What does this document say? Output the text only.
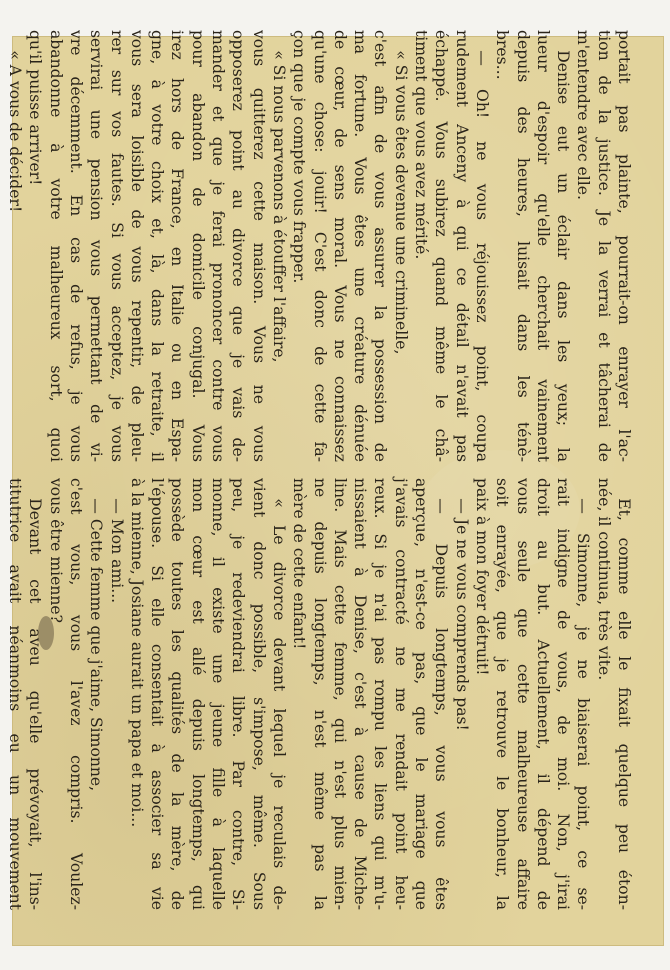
portait pas plainte, pourrait-on enrayer l'ac-

tion de la justice. Je la verrai et tâcherai de

m'entendre avec elle.

Denise eut un éclair dans les yeux; la

lueur d'espoir qu'elle cherchait vainement

depuis des heures, luisait dans les ténè-

bres...

— Oh! ne vous réjouissez point, coupa

rudement Anceny à qui ce détail n'avait pas

échappé. Vous subirez quand même le châ-

timent que vous avez mérité.

« Si vous êtes devenue une criminelle,

c'est afin de vous assurer la possession de

ma fortune. Vous êtes une créature dénuée

de cœur, de sens moral. Vous ne connaissez

qu'une chose: jouir! C'est donc de cette fa-

çon que je compte vous frapper.

« Si nous parvenons à étouffer l'affaire,

vous quitterez cette maison. Vous ne vous

opposerez point au divorce que je vais de-

mander et que je ferai prononcer contre vous

pour abandon de domicile conjugal. Vous

irez hors de France, en Italie ou en Espa-

gne, à votre choix et, là, dans la retraite, il

vous sera loisible de vous repentir, de pleu-

rer sur vos fautes. Si vous acceptez, je vous

servirai une pension vous permettant de vi-

vre décemment. En cas de refus, je vous

abandonne à votre malheureux sort, quoi

qu'il puisse arriver!

« A vous de décider!

Et, comme elle le fixait quelque peu éton-

née, il continua, très vite.

— Simonne, je ne biaiserai point, ce se-

rait indigne de vous, de moi. Non, j'irai

droit au but. Actuellement, il dépend de

vous seule que cette malheureuse affaire

soit enrayée, que je retrouve le bonheur, la

paix à mon foyer détruit!

— Je ne vous comprends pas!

— Depuis longtemps, vous vous êtes

aperçue, n'est-ce pas, que le mariage que

j'avais contracté ne me rendait point heu-

reux. Si je n'ai pas rompu les liens qui m'u-

nissaient à Denise, c'est à cause de Miche-

line. Mais cette femme, qui n'est plus mien-

ne depuis longtemps, n'est même pas la

mère de cette enfant!

« Le divorce devant lequel je reculais de-

vient donc possible, s'impose, même. Sous

peu, je redeviendrai libre. Par contre, Si-

monne, il existe une jeune fille à laquelle

mon cœur est allé depuis longtemps, qui

possède toutes les qualités de la mère, de

l'épouse. Si elle consentait à associer sa vie

à la mienne, Josiane aurait un papa et moi...

— Mon ami...

— Cette femme que j'aime, Simonne,

c'est vous, vous l'avez compris. Voulez-

vous être mienne?

Devant cet aveu qu'elle prévoyait, l'ins-

titutrice avait néanmoins eu un mouvement
